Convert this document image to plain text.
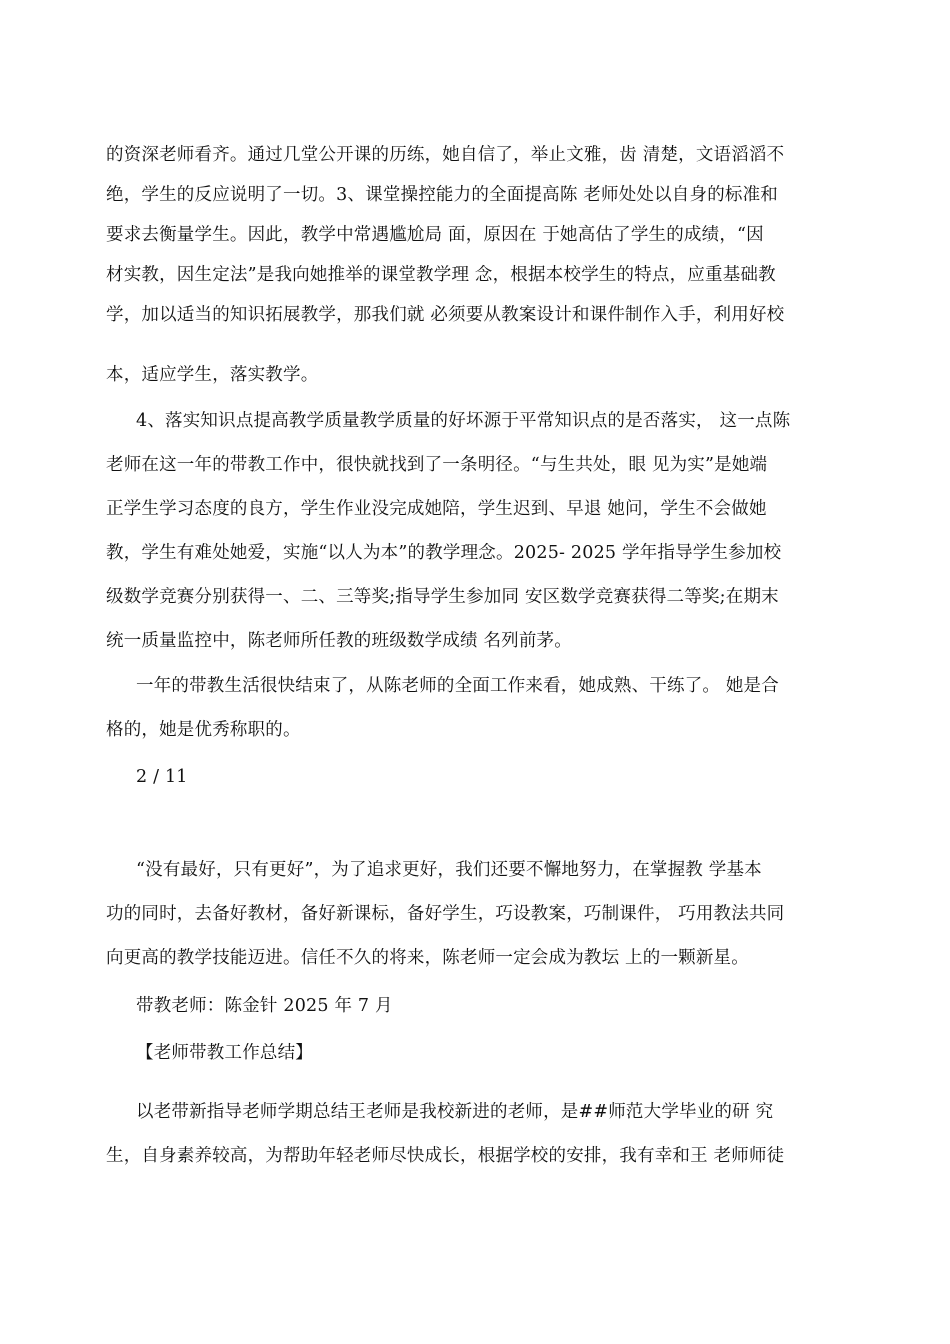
的资深老师看齐。通过几堂公开课的历练，她自信了，举止文雅，齿 清楚，文语滔滔不
绝，学生的反应说明了一切。3、课堂操控能力的全面提高陈 老师处处以自身的标准和
要求去衡量学生。因此，教学中常遇尴尬局 面，原因在 于她高估了学生的成绩，“因
材实教，因生定法”是我向她推举的课堂教学理 念，根据本校学生的特点，应重基础教
学，加以适当的知识拓展教学，那我们就 必须要从教案设计和课件制作入手，利用好校
本，适应学生，落实教学。
4、落实知识点提高教学质量教学质量的好坏源于平常知识点的是否落实， 这一点陈
老师在这一年的带教工作中，很快就找到了一条明径。“与生共处，眼 见为实”是她端
正学生学习态度的良方，学生作业没完成她陪，学生迟到、早退 她问，学生不会做她
教，学生有难处她爱，实施“以人为本”的教学理念。2025- 2025 学年指导学生参加校
级数学竞赛分别获得一、二、三等奖;指导学生参加同 安区数学竞赛获得二等奖;在期末
统一质量监控中，陈老师所任教的班级数学成绩 名列前茅。
一年的带教生活很快结束了，从陈老师的全面工作来看，她成熟、干练了。 她是合
格的，她是优秀称职的。
2 / 11
“没有最好，只有更好”，为了追求更好，我们还要不懈地努力，在掌握教 学基本
功的同时，去备好教材，备好新课标，备好学生，巧设教案，巧制课件， 巧用教法共同
向更高的教学技能迈进。信任不久的将来，陈老师一定会成为教坛 上的一颗新星。
带教老师：陈金针 2025 年 7 月
【老师带教工作总结】
以老带新指导老师学期总结王老师是我校新进的老师，是##师范大学毕业的研 究
生，自身素养较高，为帮助年轻老师尽快成长，根据学校的安排，我有幸和王 老师师徒
